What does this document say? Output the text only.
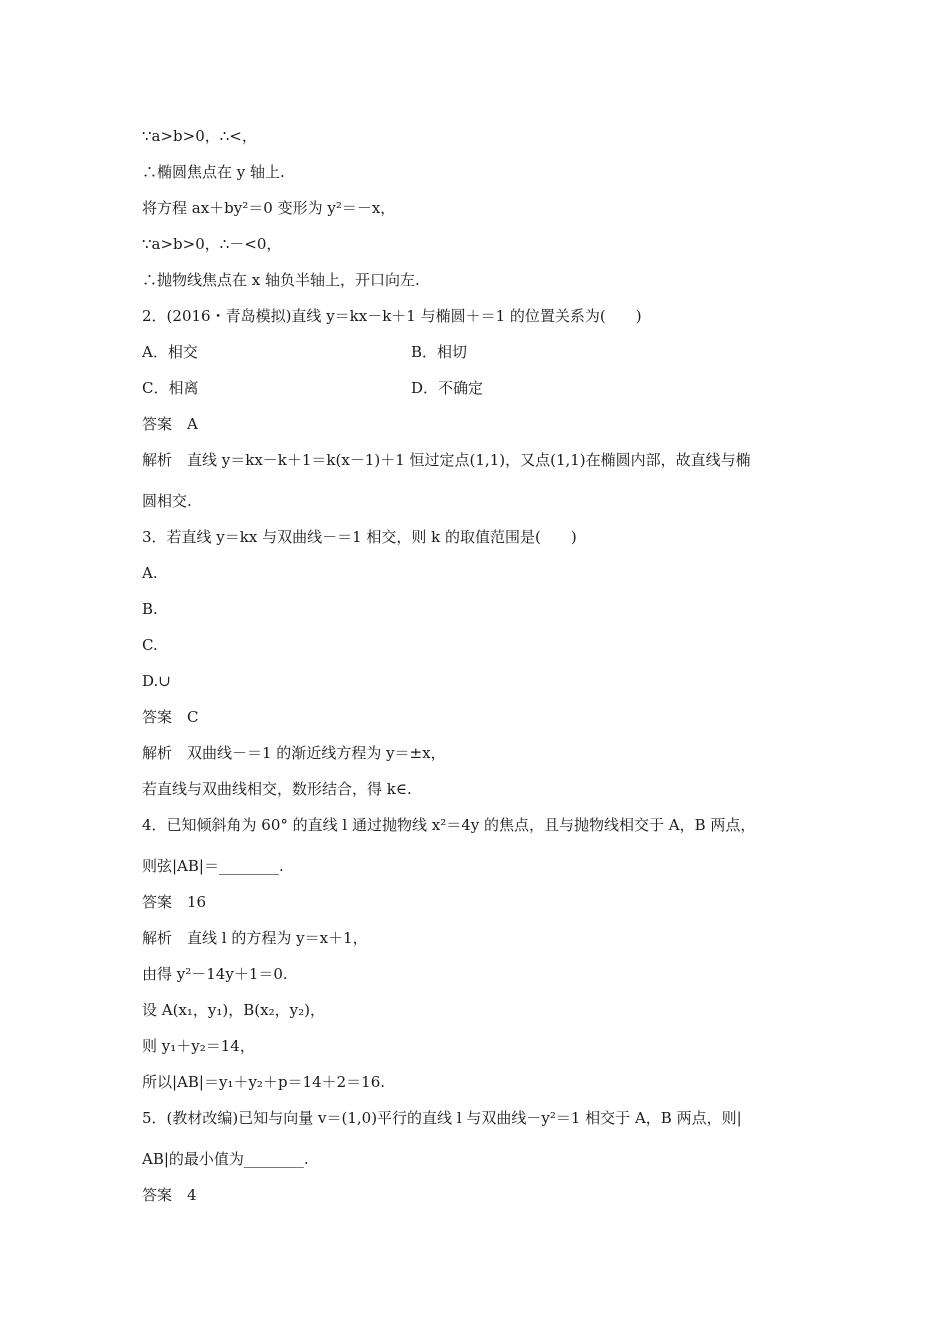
∵a>b>0，∴<，
∴椭圆焦点在 y 轴上.
将方程 ax＋by²＝0 变形为 y²＝－x，
∵a>b>0，∴－<0，
∴抛物线焦点在 x 轴负半轴上，开口向左.
2．(2016・青岛模拟)直线 y＝kx－k＋1 与椭圆＋＝1 的位置关系为(　　)
A．相交	B．相切
C．相离	D．不确定
答案　A
解析　直线 y＝kx－k＋1＝k(x－1)＋1 恒过定点(1,1)，又点(1,1)在椭圆内部，故直线与椭
圆相交.
3．若直线 y＝kx 与双曲线－＝1 相交，则 k 的取值范围是(　　)
A.
B.
C.
D.∪
答案　C
解析　双曲线－＝1 的渐近线方程为 y＝±x，
若直线与双曲线相交，数形结合，得 k∈.
4．已知倾斜角为 60° 的直线 l 通过抛物线 x²＝4y 的焦点，且与抛物线相交于 A，B 两点，
则弦|AB|＝________.
答案　16
解析　直线 l 的方程为 y＝x＋1，
由得 y²－14y＋1＝0.
设 A(x₁，y₁)，B(x₂，y₂)，
则 y₁＋y₂＝14，
所以|AB|＝y₁＋y₂＋p＝14＋2＝16.
5．(教材改编)已知与向量 v＝(1,0)平行的直线 l 与双曲线－y²＝1 相交于 A，B 两点，则|
AB|的最小值为________.
答案　4
